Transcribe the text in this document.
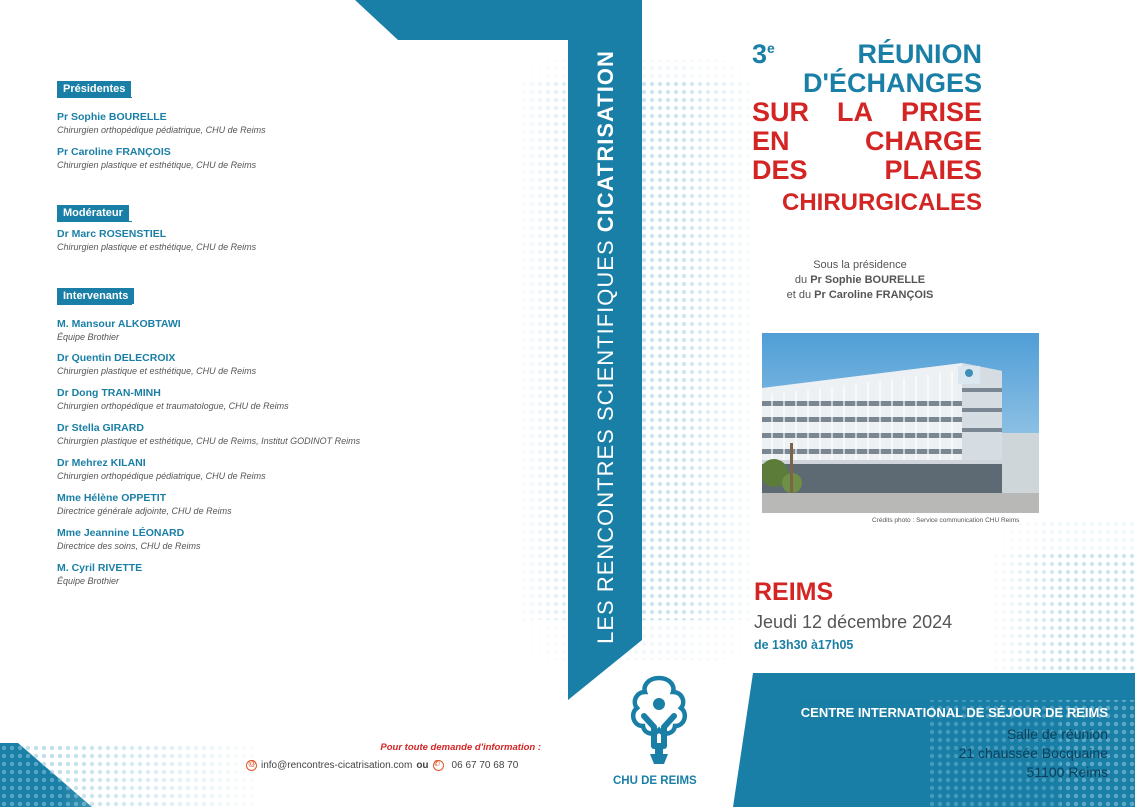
Présidentes
Pr Sophie BOURELLE
Chirurgien orthopédique pédiatrique, CHU de Reims
Pr Caroline FRANÇOIS
Chirurgien plastique et esthétique, CHU de Reims
Modérateur
Dr Marc ROSENSTIEL
Chirurgien plastique et esthétique, CHU de Reims
Intervenants
M. Mansour ALKOBTAWI
Équipe Brothier
Dr Quentin DELECROIX
Chirurgien plastique et esthétique, CHU de Reims
Dr Dong TRAN-MINH
Chirurgien orthopédique et traumatologue, CHU de Reims
Dr Stella GIRARD
Chirurgien plastique et esthétique, CHU de Reims, Institut GODINOT Reims
Dr Mehrez KILANI
Chirurgien orthopédique pédiatrique, CHU de Reims
Mme Hélène OPPETIT
Directrice générale adjointe, CHU de Reims
Mme Jeannine LÉONARD
Directrice des soins, CHU de Reims
M. Cyril RIVETTE
Équipe Brothier
Pour toute demande d'information :
@
info@rencontres-cicatrisation.com ou
✆ 06 67 70 68 70
LES RENCONTRES SCIENTIFIQUES CICATRISATION
CHU DE REIMS
3e	RÉUNION
D'ÉCHANGES
SUR LA PRISE
EN	CHARGE
DES	PLAIES
CHIRURGICALES
Sous la présidence
du Pr Sophie BOURELLE
et du Pr Caroline FRANÇOIS
Crédits photo : Service communication CHU Reims
REIMS
Jeudi 12 décembre 2024
de 13h30 à17h05
CENTRE INTERNATIONAL DE SÉJOUR DE REIMS
Salle de réunion
21 chaussée Bocquaine
51100 Reims
